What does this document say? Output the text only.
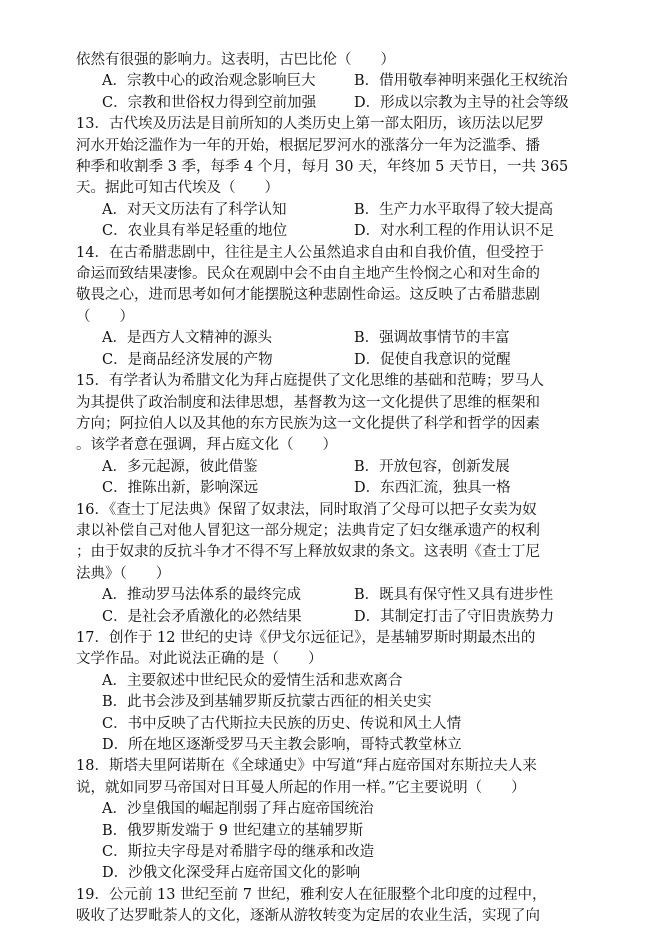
依然有很强的影响力。这表明，古巴比伦（　　）

A．宗教中心的政治观念影响巨大	B．借用敬奉神明来强化王权统治
C．宗教和世俗权力得到空前加强	D．形成以宗教为主导的社会等级

13．古代埃及历法是目前所知的人类历史上第一部太阳历，该历法以尼罗

河水开始泛滥作为一年的开始，根据尼罗河水的涨落分一年为泛滥季、播

种季和收割季 3 季，每季 4 个月，每月 30 天，年终加 5 天节日，一共 365

天。据此可知古代埃及（　　）

A．对天文历法有了科学认知	B．生产力水平取得了较大提高
C．农业具有举足轻重的地位	D．对水利工程的作用认识不足

14．在古希腊悲剧中，往往是主人公虽然追求自由和自我价值，但受控于

命运而致结果凄惨。民众在观剧中会不由自主地产生怜悯之心和对生命的

敬畏之心，进而思考如何才能摆脱这种悲剧性命运。这反映了古希腊悲剧

（　　）

A．是西方人文精神的源头	B．强调故事情节的丰富
C．是商品经济发展的产物	D．促使自我意识的觉醒

15．有学者认为希腊文化为拜占庭提供了文化思维的基础和范畴；罗马人

为其提供了政治制度和法律思想，基督教为这一文化提供了思维的框架和

方向；阿拉伯人以及其他的东方民族为这一文化提供了科学和哲学的因素

。该学者意在强调，拜占庭文化（　　）

A．多元起源，彼此借鉴	B．开放包容，创新发展
C．推陈出新，影响深远	D．东西汇流，独具一格

16．《查士丁尼法典》保留了奴隶法，同时取消了父母可以把子女卖为奴

隶以补偿自己对他人冒犯这一部分规定；法典肯定了妇女继承遗产的权利

；由于奴隶的反抗斗争才不得不写上释放奴隶的条文。这表明《查士丁尼

法典》（　　）

A．推动罗马法体系的最终完成	B．既具有保守性又具有进步性
C．是社会矛盾激化的必然结果	D．其制定打击了守旧贵族势力

17．创作于 12 世纪的史诗《伊戈尔远征记》，是基辅罗斯时期最杰出的

文学作品。对此说法正确的是（　　）

A．主要叙述中世纪民众的爱情生活和悲欢离合
B．此书会涉及到基辅罗斯反抗蒙古西征的相关史实
C．书中反映了古代斯拉夫民族的历史、传说和风土人情
D．所在地区逐渐受罗马天主教会影响，哥特式教堂林立

18．斯塔夫里阿诺斯在《全球通史》中写道“拜占庭帝国对东斯拉夫人来

说，就如同罗马帝国对日耳曼人所起的作用一样。”它主要说明（　　）

A．沙皇俄国的崛起削弱了拜占庭帝国统治
B．俄罗斯发端于 9 世纪建立的基辅罗斯
C．斯拉夫字母是对希腊字母的继承和改造
D．沙俄文化深受拜占庭帝国文化的影响

19．公元前 13 世纪至前 7 世纪，雅利安人在征服整个北印度的过程中，

吸收了达罗毗荼人的文化，逐渐从游牧转变为定居的农业生活，实现了向
